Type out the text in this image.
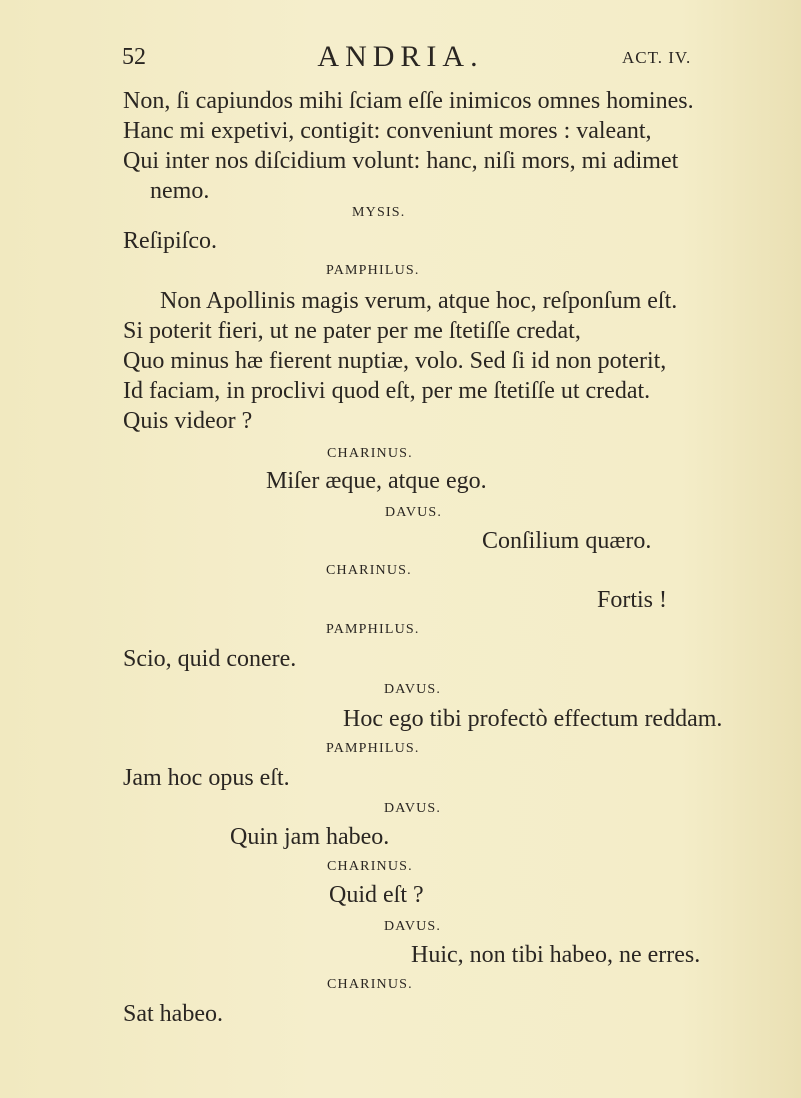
52	ANDRIA.	ACT. IV.
Non, ſi capiundos mihi ſciam eſſe inimicos omnes homines.
Hanc mi expetivi, contigit: conveniunt mores : valeant,
Qui inter nos diſcidium volunt: hanc, niſi mors, mi adimet
nemo.
MYSIS.
Reſipiſco.
PAMPHILUS.
Non Apollinis magis verum, atque hoc, reſponſum eſt.
Si poterit fieri, ut ne pater per me ſtetiſſe credat,
Quo minus hæ fierent nuptiæ, volo. Sed ſi id non poterit,
Id faciam, in proclivi quod eſt, per me ſtetiſſe ut credat.
Quis videor ?
CHARINUS.
Miſer æque, atque ego.
DAVUS.
Conſilium quæro.
CHARINUS.
Fortis !
PAMPHILUS.
Scio, quid conere.
DAVUS.
Hoc ego tibi profectò effectum reddam.
PAMPHILUS.
Jam hoc opus eſt.
DAVUS.
Quin jam habeo.
CHARINUS.
Quid eſt ?
DAVUS.
Huic, non tibi habeo, ne erres.
CHARINUS.
Sat habeo.
